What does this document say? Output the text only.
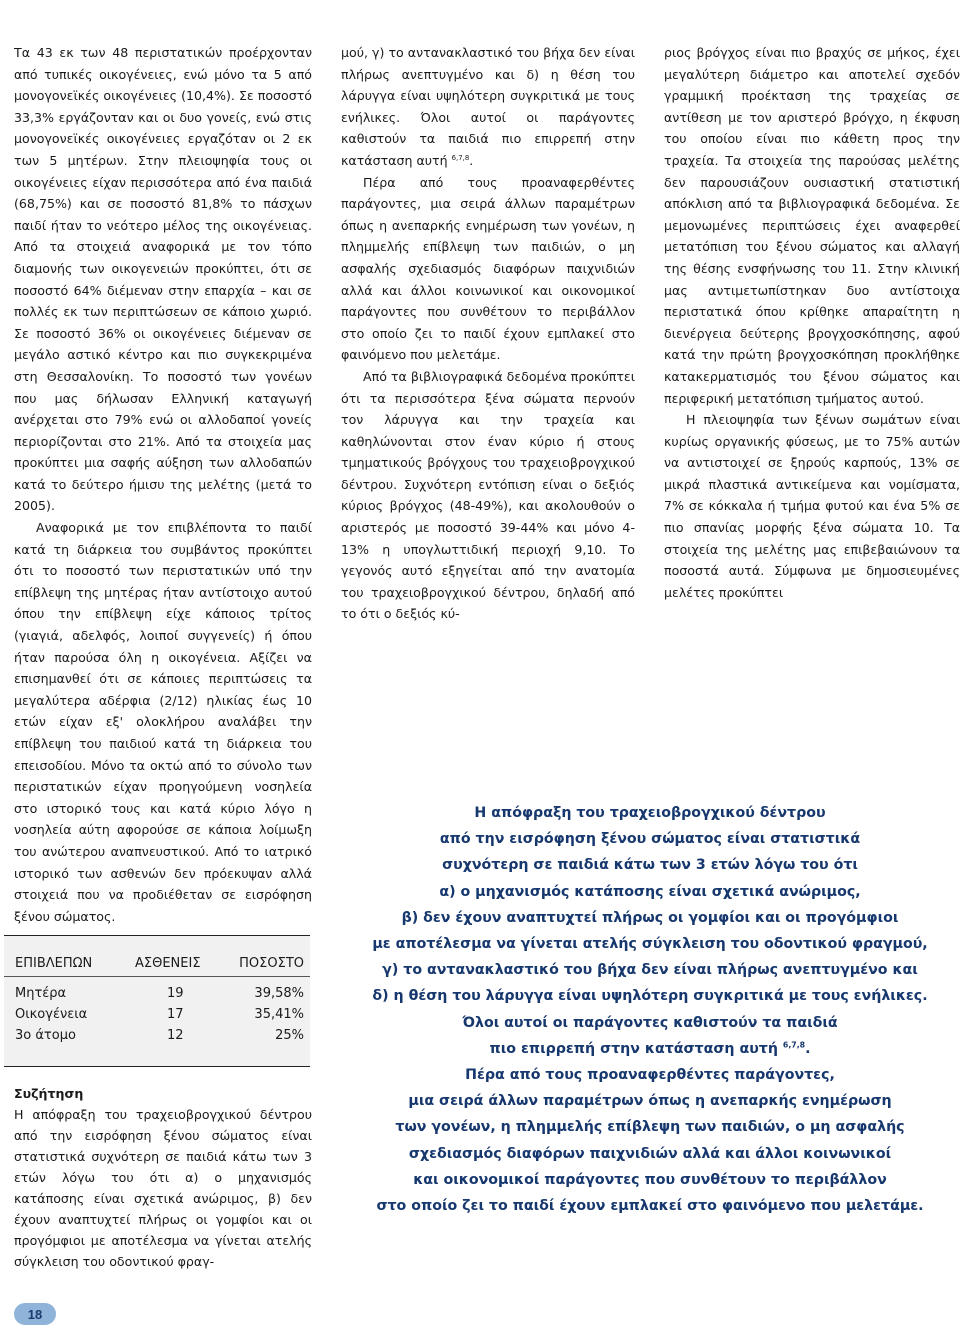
Τα 43 εκ των 48 περιστατικών προέρχονταν από τυπικές οικογένειες, ενώ μόνο τα 5 από μονογονεϊκές οικογένειες (10,4%). Σε ποσοστό 33,3% εργάζονταν και οι δυο γονείς, ενώ στις μονογονεϊκές οικογένειες εργαζόταν οι 2 εκ των 5 μητέρων. Στην πλειοψηφία τους οι οικογένειες είχαν περισσότερα από ένα παιδιά (68,75%) και σε ποσοστό 81,8% το πάσχων παιδί ήταν το νεότερο μέλος της οικογένειας. Από τα στοιχειά αναφορικά με τον τόπο διαμονής των οικογενειών προκύπτει, ότι σε ποσοστό 64% διέμεναν στην επαρχία – και σε πολλές εκ των περιπτώσεων σε κάποιο χωριό. Σε ποσοστό 36% οι οικογένειες διέμεναν σε μεγάλο αστικό κέντρο και πιο συγκεκριμένα στη Θεσσαλονίκη. Το ποσοστό των γονέων που μας δήλωσαν Ελληνική καταγωγή ανέρχεται στο 79% ενώ οι αλλοδαποί γονείς περιορίζονται στο 21%. Από τα στοιχεία μας προκύπτει μια σαφής αύξηση των αλλοδαπών κατά το δεύτερο ήμισυ της μελέτης (μετά το 2005).

Αναφορικά με τον επιβλέποντα το παιδί κατά τη διάρκεια του συμβάντος προκύπτει ότι το ποσοστό των περιστατικών υπό την επίβλεψη της μητέρας ήταν αντίστοιχο αυτού όπου την επίβλεψη είχε κάποιος τρίτος (γιαγιά, αδελφός, λοιποί συγγενείς) ή όπου ήταν παρούσα όλη η οικογένεια. Αξίζει να επισημανθεί ότι σε κάποιες περιπτώσεις τα μεγαλύτερα αδέρφια (2/12) ηλικίας έως 10 ετών είχαν εξ' ολοκλήρου αναλάβει την επίβλεψη του παιδιού κατά τη διάρκεια του επεισοδίου. Μόνο τα οκτώ από το σύνολο των περιστατικών είχαν προηγούμενη νοσηλεία στο ιστορικό τους και κατά κύριο λόγο η νοσηλεία αύτη αφορούσε σε κάποια λοίμωξη του ανώτερου αναπνευστικού. Από το ιατρικό ιστορικό των ασθενών δεν πρόεκυψαν αλλά στοιχειά που να προδιέθεταν σε εισρόφηση ξένου σώματος.

ΕΠΙΒΛΕΠΩΝ	ΑΣΘΕΝΕΙΣ	ΠΟΣΟΣΤΟ
Μητέρα	19	39,58%
Οικογένεια	17	35,41%
3ο άτομο	12	25%
Συζήτηση

Η απόφραξη του τραχειοβρογχικού δέντρου από την εισρόφηση ξένου σώματος είναι στατιστικά συχνότερη σε παιδιά κάτω των 3 ετών λόγω του ότι α) ο μηχανισμός κατάποσης είναι σχετικά ανώριμος, β) δεν έχουν αναπτυχτεί πλήρως οι γομφίοι και οι προγόμφιοι με αποτέλεσμα να γίνεται ατελής σύγκλειση του οδοντικού φραγ-

μού, γ) το αντανακλαστικό του βήχα δεν είναι πλήρως ανεπτυγμένο και δ) η θέση του λάρυγγα είναι υψηλότερη συγκριτικά με τους ενήλικες. Όλοι αυτοί οι παράγοντες καθιστούν τα παιδιά πιο επιρρεπή στην κατάσταση αυτή $^{6,7,8}$.

Πέρα από τους προαναφερθέντες παράγοντες, μια σειρά άλλων παραμέτρων όπως η ανεπαρκής ενημέρωση των γονέων, η πλημμελής επίβλεψη των παιδιών, ο μη ασφαλής σχεδιασμός διαφόρων παιχνιδιών αλλά και άλλοι κοινωνικοί και οικονομικοί παράγοντες που συνθέτουν το περιβάλλον στο οποίο ζει το παιδί έχουν εμπλακεί στο φαινόμενο που μελετάμε.

Από τα βιβλιογραφικά δεδομένα προκύπτει ότι τα περισσότερα ξένα σώματα περνούν τον λάρυγγα και την τραχεία και καθηλώνονται στον έναν κύριο ή στους τμηματικούς βρόγχους του τραχειοβρογχικού δέντρου. Συχνότερη εντόπιση είναι ο δεξιός κύριος βρόγχος (48-49%), και ακολουθούν ο αριστερός με ποσοστό 39-44% και μόνο 4-13% η υπογλωττιδική περιοχή 9,10. Το γεγονός αυτό εξηγείται από την ανατομία του τραχειοβρογχικού δέντρου, δηλαδή από το ότι ο δεξιός κύ-

ριος βρόγχος είναι πιο βραχύς σε μήκος, έχει μεγαλύτερη διάμετρο και αποτελεί σχεδόν γραμμική προέκταση της τραχείας σε αντίθεση με τον αριστερό βρόγχο, η έκφυση του οποίου είναι πιο κάθετη προς την τραχεία. Τα στοιχεία της παρούσας μελέτης δεν παρουσιάζουν ουσιαστική στατιστική απόκλιση από τα βιβλιογραφικά δεδομένα. Σε μεμονωμένες περιπτώσεις έχει αναφερθεί μετατόπιση του ξένου σώματος και αλλαγή της θέσης ενσφήνωσης του 11. Στην κλινική μας αντιμετωπίστηκαν δυο αντίστοιχα περιστατικά όπου κρίθηκε απαραίτητη η διενέργεια δεύτερης βρογχοσκόπησης, αφού κατά την πρώτη βρογχοσκόπηση προκλήθηκε κατακερματισμός του ξένου σώματος και περιφερική μετατόπιση τμήματος αυτού.

Η πλειοψηφία των ξένων σωμάτων είναι κυρίως οργανικής φύσεως, με το 75% αυτών να αντιστοιχεί σε ξηρούς καρπούς, 13% σε μικρά πλαστικά αντικείμενα και νομίσματα, 7% σε κόκκαλα ή τμήμα φυτού και ένα 5% σε πιο σπανίας μορφής ξένα σώματα 10. Τα στοιχεία της μελέτης μας επιβεβαιώνουν τα ποσοστά αυτά. Σύμφωνα με δημοσιευμένες μελέτες προκύπτει

Η απόφραξη του τραχειοβρογχικού δέντρου
από την εισρόφηση ξένου σώματος είναι στατιστικά
συχνότερη σε παιδιά κάτω των 3 ετών λόγω του ότι
α) ο μηχανισμός κατάποσης είναι σχετικά ανώριμος,
β) δεν έχουν αναπτυχτεί πλήρως οι γομφίοι και οι προγόμφιοι
με αποτέλεσμα να γίνεται ατελής σύγκλειση του οδοντικού φραγμού,
γ) το αντανακλαστικό του βήχα δεν είναι πλήρως ανεπτυγμένο και
δ) η θέση του λάρυγγα είναι υψηλότερη συγκριτικά με τους ενήλικες.
Όλοι αυτοί οι παράγοντες καθιστούν τα παιδιά
πιο επιρρεπή στην κατάσταση αυτή $^{6,7,8}$.
Πέρα από τους προαναφερθέντες παράγοντες,
μια σειρά άλλων παραμέτρων όπως η ανεπαρκής ενημέρωση
των γονέων, η πλημμελής επίβλεψη των παιδιών, ο μη ασφαλής
σχεδιασμός διαφόρων παιχνιδιών αλλά και άλλοι κοινωνικοί
και οικονομικοί παράγοντες που συνθέτουν το περιβάλλον
στο οποίο ζει το παιδί έχουν εμπλακεί στο φαινόμενο που μελετάμε.
18
